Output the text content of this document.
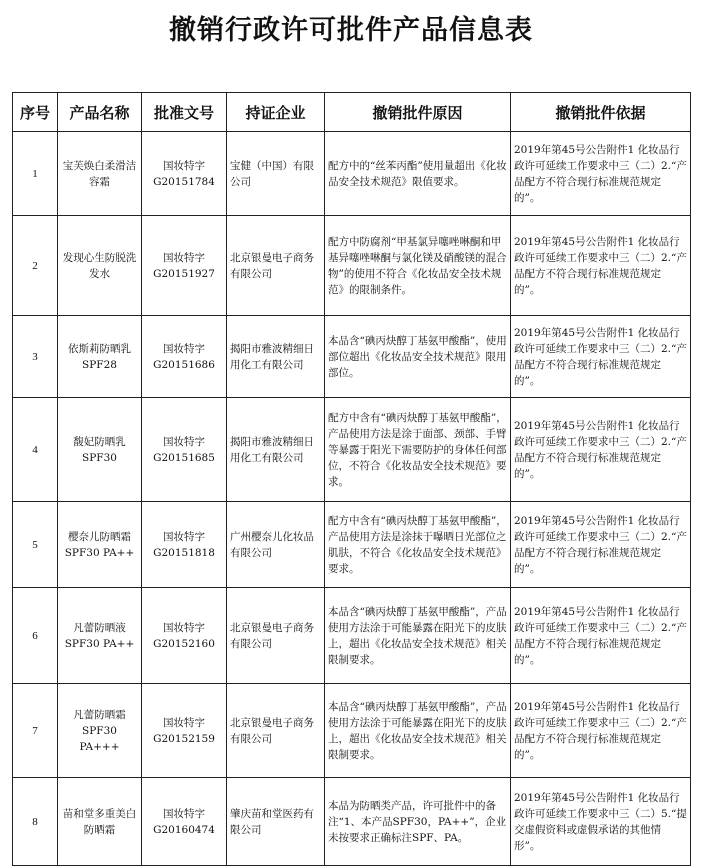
撤销行政许可批件产品信息表
序号	产品名称	批准文号	持证企业	撤销批件原因	撤销批件依据
1	宝芙焕白柔滑洁容霜	国妆特字G20151784	宝健（中国）有限公司	配方中的“丝苯丙酯”使用量超出《化妆品安全技术规范》限值要求。	2019年第45号公告附件1 化妆品行政许可延续工作要求中三（二）2.“产品配方不符合现行标准规范规定的”。
2	发现心生防脱洗发水	国妆特字G20151927	北京银曼电子商务有限公司	配方中防腐剂“甲基氯异噻唑啉酮和甲基异噻唑啉酮与氯化镁及硝酸镁的混合物”的使用不符合《化妆品安全技术规范》的限制条件。	2019年第45号公告附件1 化妆品行政许可延续工作要求中三（二）2.“产品配方不符合现行标准规范规定的”。
3	依斯莉防晒乳SPF28	国妆特字G20151686	揭阳市雅波精细日用化工有限公司	本品含“碘丙炔醇丁基氨甲酸酯”，使用部位超出《化妆品安全技术规范》限用部位。	2019年第45号公告附件1 化妆品行政许可延续工作要求中三（二）2.“产品配方不符合现行标准规范规定的”。
4	馥妃防晒乳SPF30	国妆特字G20151685	揭阳市雅波精细日用化工有限公司	配方中含有“碘丙炔醇丁基氨甲酸酯”，产品使用方法是涂于面部、颈部、手臂等暴露于阳光下需要防护的身体任何部位，不符合《化妆品安全技术规范》要求。	2019年第45号公告附件1 化妆品行政许可延续工作要求中三（二）2.“产品配方不符合现行标准规范规定的”。
5	樱奈儿防晒霜SPF30 PA++	国妆特字G20151818	广州樱奈儿化妆品有限公司	配方中含有“碘丙炔醇丁基氨甲酸酯”，产品使用方法是涂抹于曝晒日光部位之肌肤，不符合《化妆品安全技术规范》要求。	2019年第45号公告附件1 化妆品行政许可延续工作要求中三（二）2.“产品配方不符合现行标准规范规定的”。
6	凡蕾防晒液SPF30 PA++	国妆特字G20152160	北京银曼电子商务有限公司	本品含“碘丙炔醇丁基氨甲酸酯”，产品使用方法涂于可能暴露在阳光下的皮肤上，超出《化妆品安全技术规范》相关限制要求。	2019年第45号公告附件1 化妆品行政许可延续工作要求中三（二）2.“产品配方不符合现行标准规范规定的”。
7	凡蕾防晒霜SPF30 PA+++	国妆特字G20152159	北京银曼电子商务有限公司	本品含“碘丙炔醇丁基氨甲酸酯”，产品使用方法涂于可能暴露在阳光下的皮肤上，超出《化妆品安全技术规范》相关限制要求。	2019年第45号公告附件1 化妆品行政许可延续工作要求中三（二）2.“产品配方不符合现行标准规范规定的”。
8	苗和堂多重美白防晒霜	国妆特字G20160474	肇庆苗和堂医药有限公司	本品为防晒类产品，许可批件中的备注“1、本产品SPF30，PA++”，企业未按要求正确标注SPF、PA。	2019年第45号公告附件1 化妆品行政许可延续工作要求中三（二）5.“提交虚假资料或虚假承诺的其他情形”。
